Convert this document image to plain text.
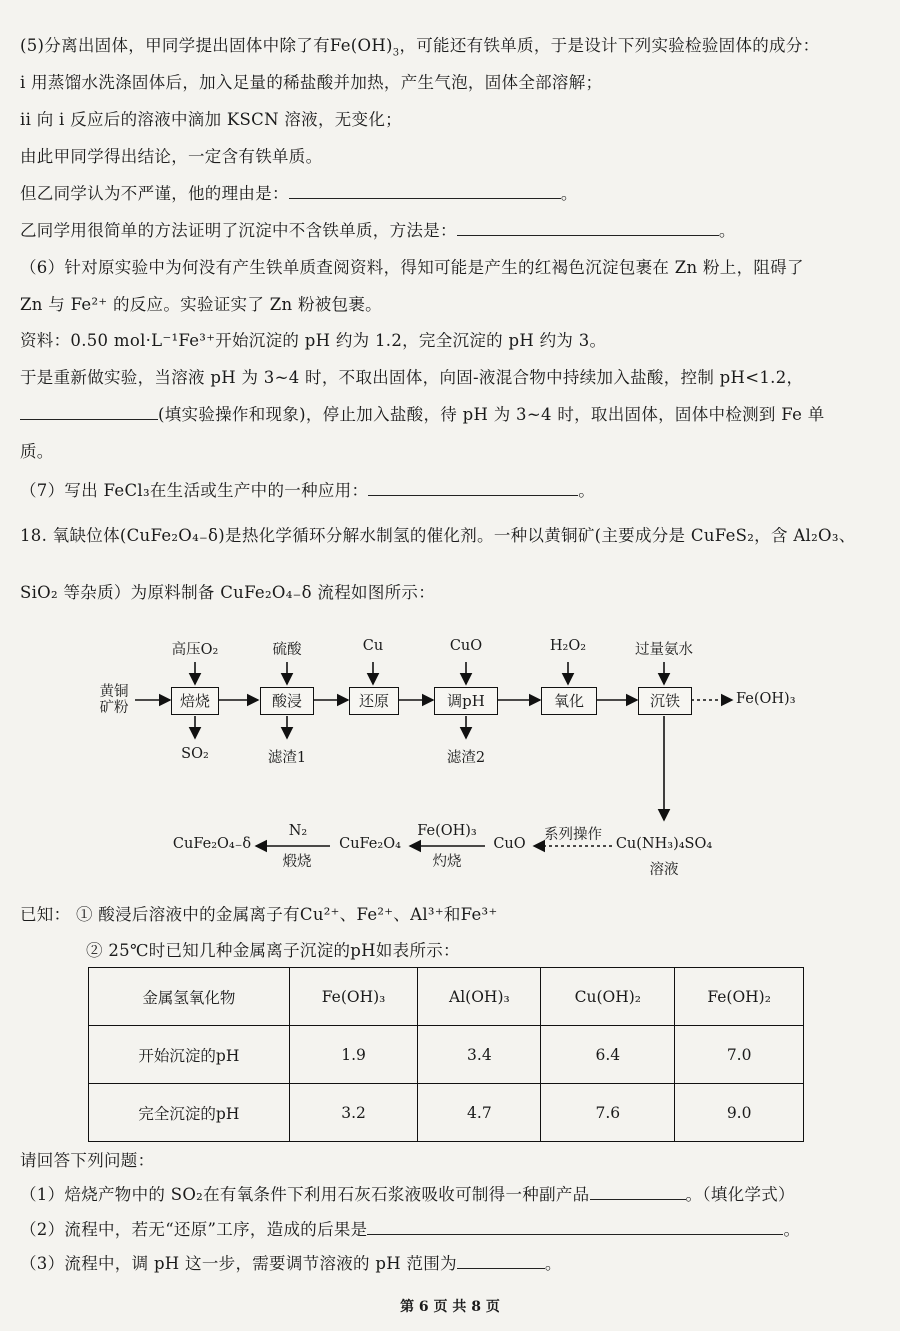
(5)分离出固体，甲同学提出固体中除了有$Fe(OH)_3$，可能还有铁单质，于是设计下列实验检验固体的成分：
i 用蒸馏水洗涤固体后，加入足量的稀盐酸并加热，产生气泡，固体全部溶解；
ii 向 i 反应后的溶液中滴加 KSCN 溶液，无变化；
由此甲同学得出结论，一定含有铁单质。
但乙同学认为不严谨，他的理由是：	。
乙同学用很简单的方法证明了沉淀中不含铁单质，方法是：	。
（6）针对原实验中为何没有产生铁单质查阅资料，得知可能是产生的红褐色沉淀包裹在 Zn 粉上，阻碍了
Zn 与 Fe²⁺ 的反应。实验证实了 Zn 粉被包裹。
资料：0.50 mol·L⁻¹Fe³⁺开始沉淀的 pH 约为 1.2，完全沉淀的 pH 约为 3。
于是重新做实验，当溶液 pH 为 3~4 时，不取出固体，向固-液混合物中持续加入盐酸，控制 pH<1.2，
(填实验操作和现象)，停止加入盐酸，待 pH 为 3~4 时，取出固体，固体中检测到 Fe 单
质。
（7）写出 FeCl₃在生活或生产中的一种应用：	。
18. 氧缺位体(CuFe₂O₄₋δ)是热化学循环分解水制氢的催化剂。一种以黄铜矿(主要成分是 CuFeS₂，含 Al₂O₃、
SiO₂ 等杂质）为原料制备 CuFe₂O₄₋δ 流程如图所示：
黄铜矿粉	焙烧	酸浸	还原	调pH	氧化	沉铁
高压O₂	硫酸	Cu	CuO	H₂O₂	过量氨水
SO₂	滤渣1	滤渣2
Fe(OH)₃
Cu(NH₃)₄SO₄
溶液
系列操作
CuO
Fe(OH)₃
灼烧
CuFe₂O₄
N₂
煅烧
CuFe₂O₄₋δ
已知： ① 酸浸后溶液中的金属离子有Cu²⁺、Fe²⁺、Al³⁺和Fe³⁺
② 25℃时已知几种金属离子沉淀的pH如表所示：
金属氢氧化物	Fe(OH)₃	Al(OH)₃	Cu(OH)₂	Fe(OH)₂
开始沉淀的pH	1.9	3.4	6.4	7.0
完全沉淀的pH	3.2	4.7	7.6	9.0
请回答下列问题：
（1）焙烧产物中的 SO₂在有氧条件下利用石灰石浆液吸收可制得一种副产品	。（填化学式）
（2）流程中，若无“还原”工序，造成的后果是	。
（3）流程中，调 pH 这一步，需要调节溶液的 pH 范围为	。
第 6 页 共 8 页
